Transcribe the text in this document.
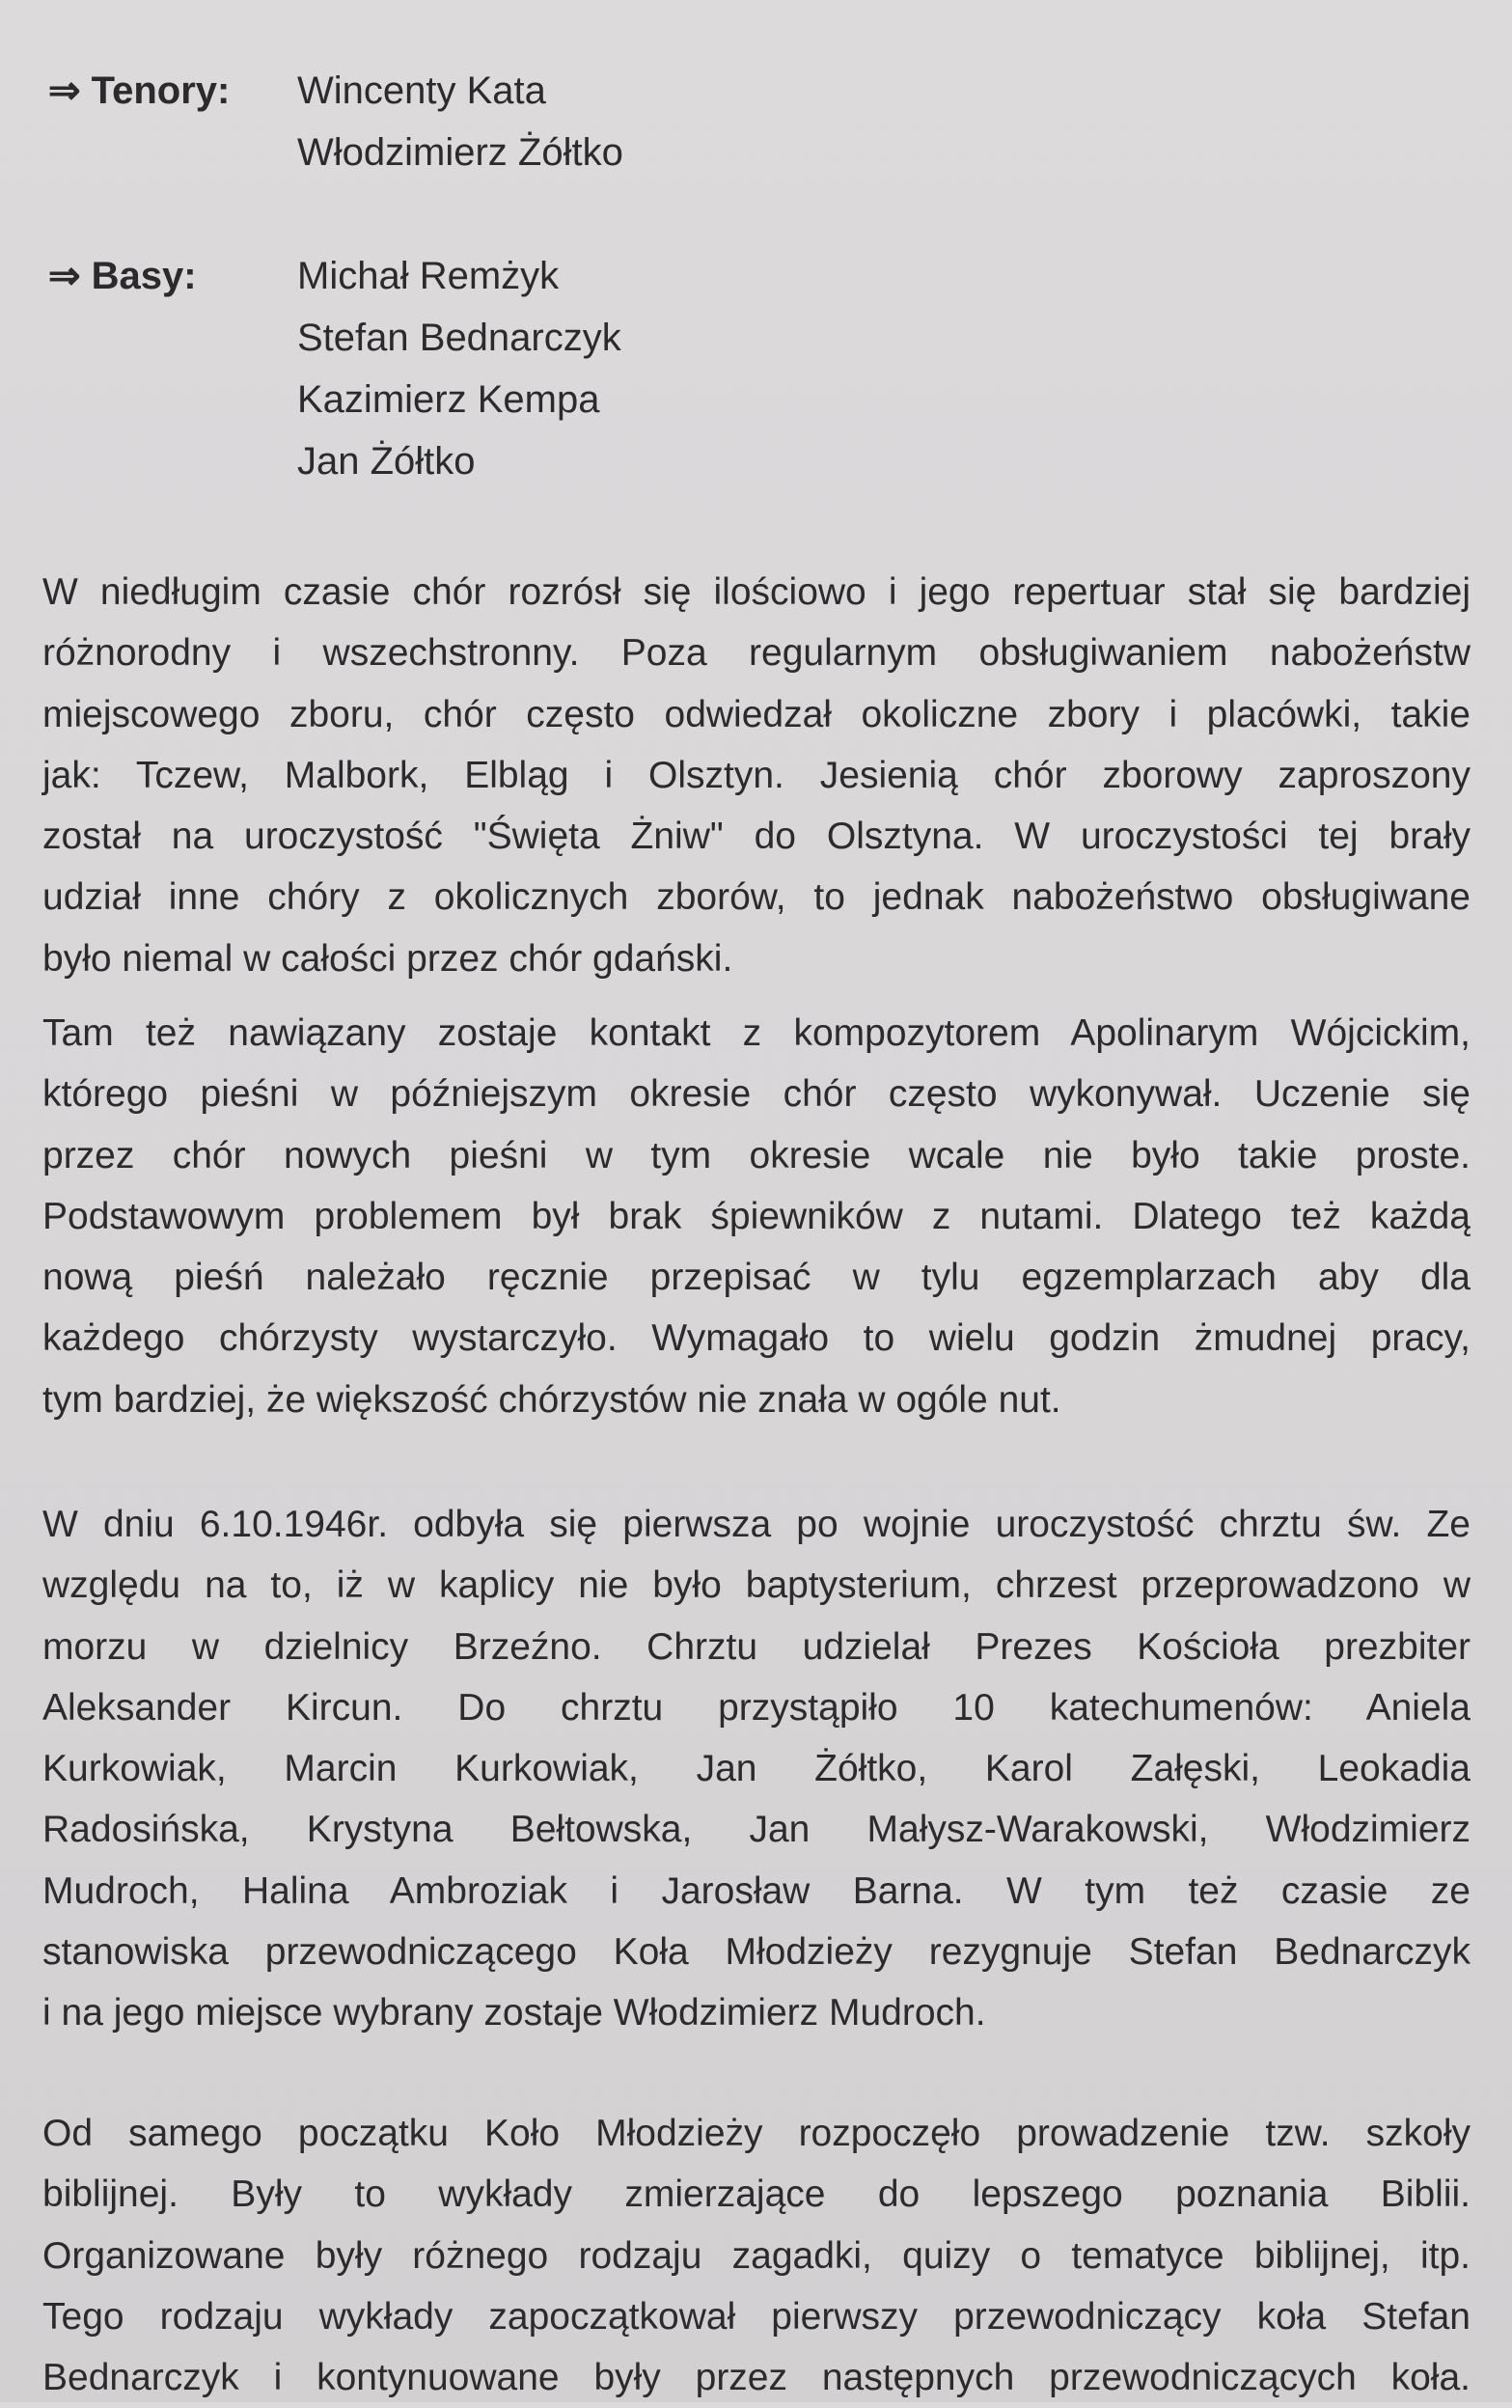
⇒ Tenory:	Wincenty Kata
Włodzimierz Żółtko
⇒ Basy:	Michał Remżyk
Stefan Bednarczyk
Kazimierz Kempa
Jan Żółtko
W niedługim czasie chór rozrósł się ilościowo i jego repertuar stał się bardziej
różnorodny i wszechstronny. Poza regularnym obsługiwaniem nabożeństw
miejscowego zboru, chór często odwiedzał okoliczne zbory i placówki, takie
jak: Tczew, Malbork, Elbląg i Olsztyn. Jesienią chór zborowy zaproszony
został na uroczystość "Święta Żniw" do Olsztyna. W uroczystości tej brały
udział inne chóry z okolicznych zborów, to jednak nabożeństwo obsługiwane
było niemal w całości przez chór gdański.
Tam też nawiązany zostaje kontakt z kompozytorem Apolinarym Wójcickim,
którego pieśni w późniejszym okresie chór często wykonywał. Uczenie się
przez chór nowych pieśni w tym okresie wcale nie było takie proste.
Podstawowym problemem był brak śpiewników z nutami. Dlatego też każdą
nową pieśń należało ręcznie przepisać w tylu egzemplarzach aby dla
każdego chórzysty wystarczyło. Wymagało to wielu godzin żmudnej pracy,
tym bardziej, że większość chórzystów nie znała w ogóle nut.
W dniu 6.10.1946r. odbyła się pierwsza po wojnie uroczystość chrztu św. Ze
względu na to, iż w kaplicy nie było baptysterium, chrzest przeprowadzono w
morzu w dzielnicy Brzeźno. Chrztu udzielał Prezes Kościoła prezbiter
Aleksander Kircun. Do chrztu przystąpiło 10 katechumenów: Aniela
Kurkowiak, Marcin Kurkowiak, Jan Żółtko, Karol Załęski, Leokadia
Radosińska, Krystyna Bełtowska, Jan Małysz-Warakowski, Włodzimierz
Mudroch, Halina Ambroziak i Jarosław Barna. W tym też czasie ze
stanowiska przewodniczącego Koła Młodzieży rezygnuje Stefan Bednarczyk
i na jego miejsce wybrany zostaje Włodzimierz Mudroch.
Od samego początku Koło Młodzieży rozpoczęło prowadzenie tzw. szkoły
biblijnej. Były to wykłady zmierzające do lepszego poznania Biblii.
Organizowane były różnego rodzaju zagadki, quizy o tematyce biblijnej, itp.
Tego rodzaju wykłady zapoczątkował pierwszy przewodniczący koła Stefan
Bednarczyk i kontynuowane były przez następnych przewodniczących koła.
